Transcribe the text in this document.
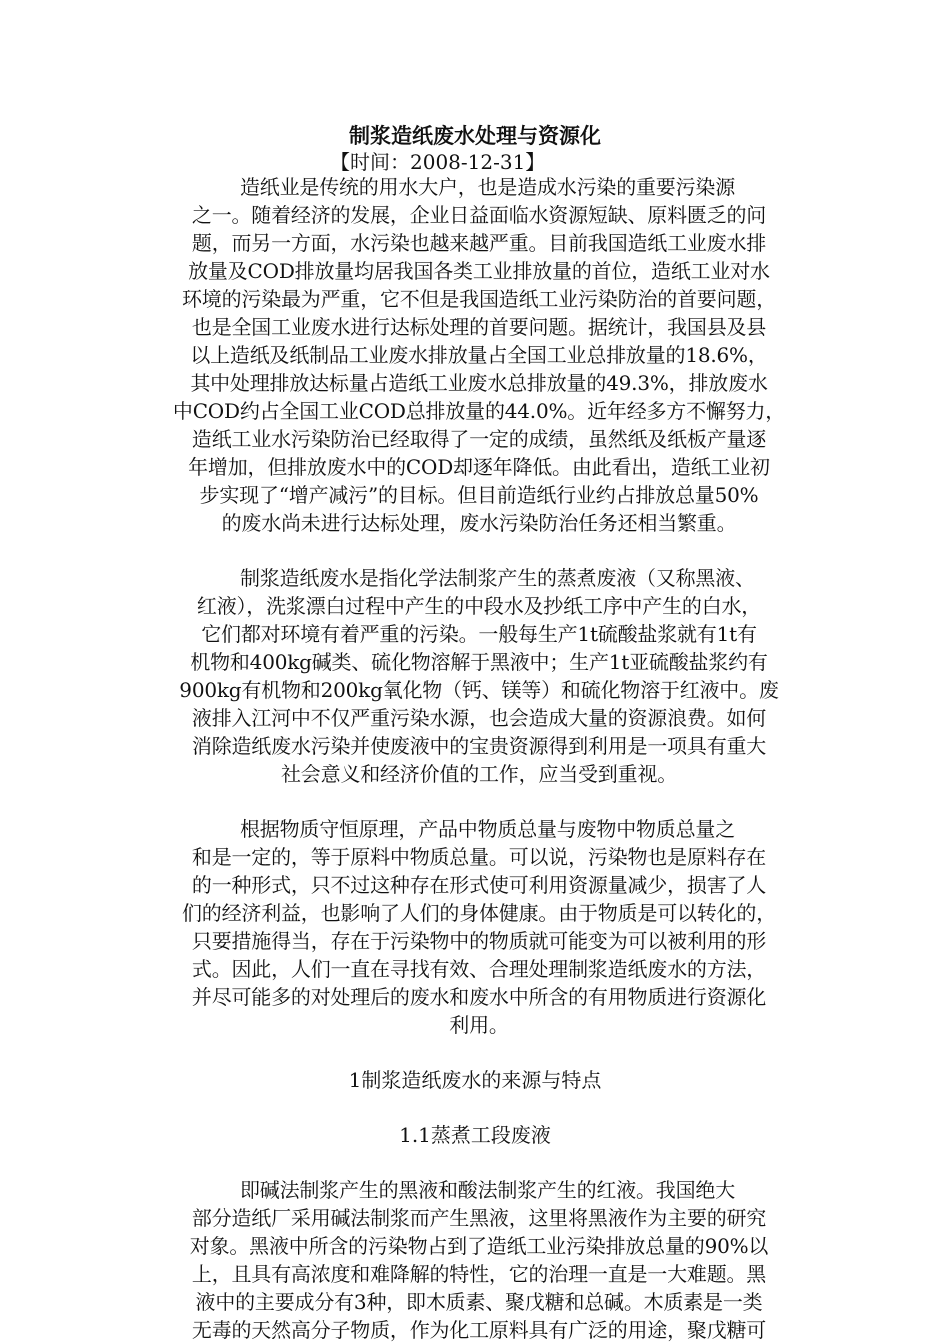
制浆造纸废水处理与资源化
【时间：2008-12-31】
造纸业是传统的用水大户，也是造成水污染的重要污染源
之一。随着经济的发展，企业日益面临水资源短缺、原料匮乏的问
题，而另一方面，水污染也越来越严重。目前我国造纸工业废水排
放量及COD排放量均居我国各类工业排放量的首位，造纸工业对水
环境的污染最为严重，它不但是我国造纸工业污染防治的首要问题，
也是全国工业废水进行达标处理的首要问题。据统计，我国县及县
以上造纸及纸制品工业废水排放量占全国工业总排放量的18.6%，
其中处理排放达标量占造纸工业废水总排放量的49.3%，排放废水
中COD约占全国工业COD总排放量的44.0%。近年经多方不懈努力，
造纸工业水污染防治已经取得了一定的成绩，虽然纸及纸板产量逐
年增加，但排放废水中的COD却逐年降低。由此看出，造纸工业初
步实现了“增产减污”的目标。但目前造纸行业约占排放总量50%
的废水尚未进行达标处理，废水污染防治任务还相当繁重。
制浆造纸废水是指化学法制浆产生的蒸煮废液（又称黑液、
红液），洗浆漂白过程中产生的中段水及抄纸工序中产生的白水，
它们都对环境有着严重的污染。一般每生产1t硫酸盐浆就有1t有
机物和400kg碱类、硫化物溶解于黑液中；生产1t亚硫酸盐浆约有
900kg有机物和200kg氧化物（钙、镁等）和硫化物溶于红液中。废
液排入江河中不仅严重污染水源，也会造成大量的资源浪费。如何
消除造纸废水污染并使废液中的宝贵资源得到利用是一项具有重大
社会意义和经济价值的工作，应当受到重视。
根据物质守恒原理，产品中物质总量与废物中物质总量之
和是一定的，等于原料中物质总量。可以说，污染物也是原料存在
的一种形式，只不过这种存在形式使可利用资源量减少，损害了人
们的经济利益，也影响了人们的身体健康。由于物质是可以转化的，
只要措施得当，存在于污染物中的物质就可能变为可以被利用的形
式。因此，人们一直在寻找有效、合理处理制浆造纸废水的方法，
并尽可能多的对处理后的废水和废水中所含的有用物质进行资源化
利用。
1制浆造纸废水的来源与特点
1.1蒸煮工段废液
即碱法制浆产生的黑液和酸法制浆产生的红液。我国绝大
部分造纸厂采用碱法制浆而产生黑液，这里将黑液作为主要的研究
对象。黑液中所含的污染物占到了造纸工业污染排放总量的90%以
上，且具有高浓度和难降解的特性，它的治理一直是一大难题。黑
液中的主要成分有3种，即木质素、聚戊糖和总碱。木质素是一类
无毒的天然高分子物质，作为化工原料具有广泛的用途，聚戊糖可
